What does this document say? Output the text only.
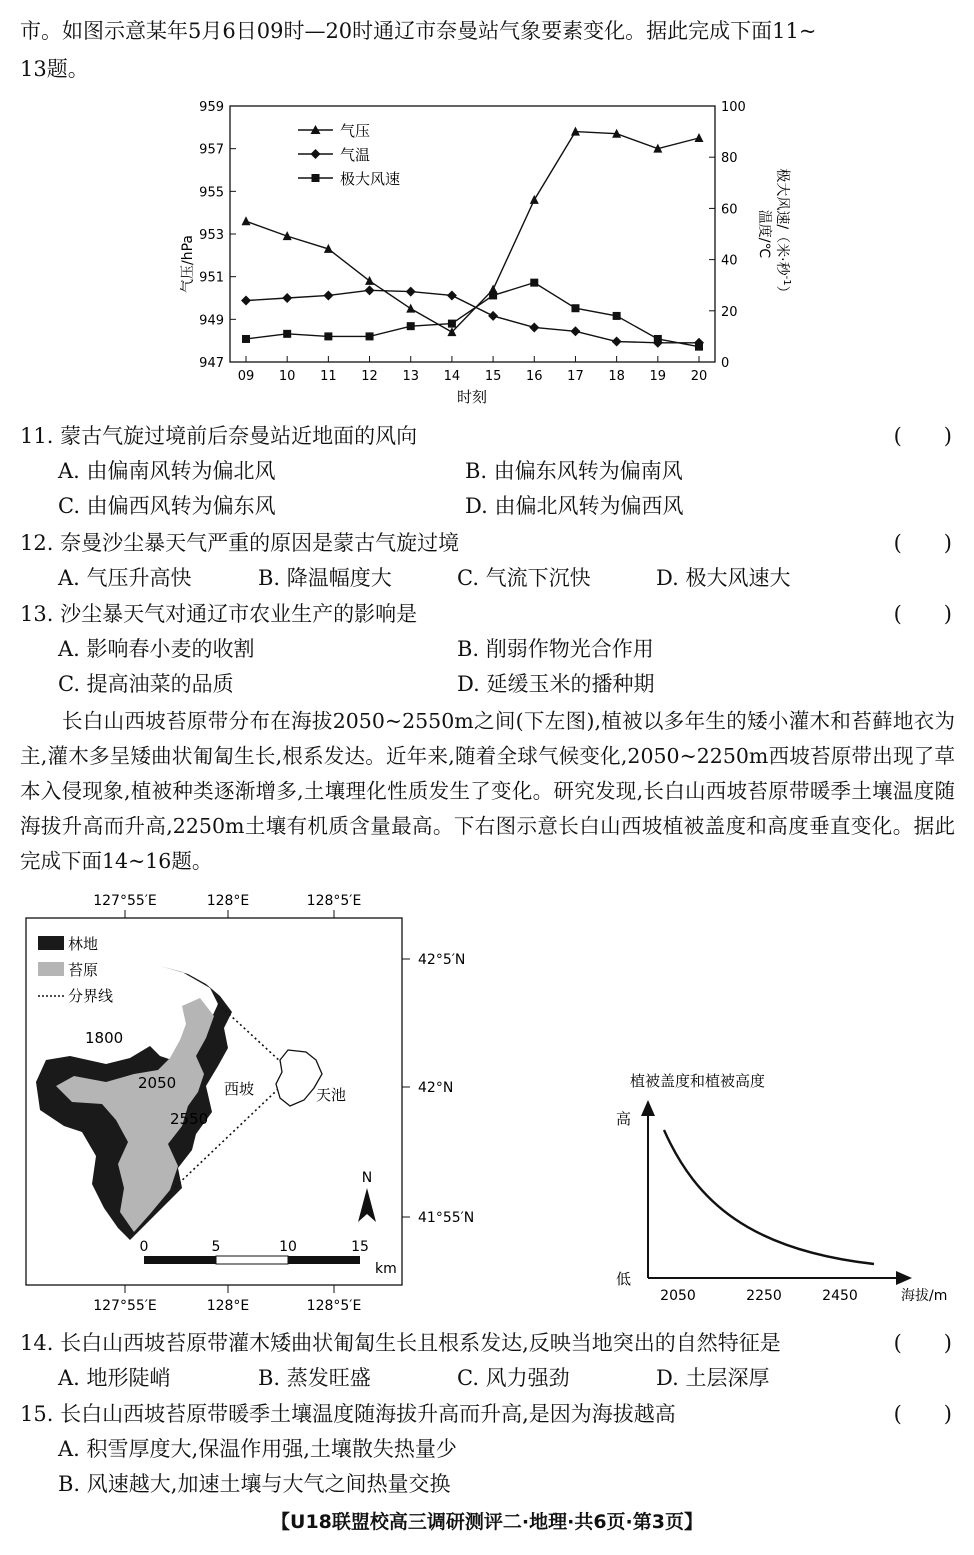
市。如图示意某年5月6日09时—20时通辽市奈曼站气象要素变化。据此完成下面11~
13题。
947
949
951
953
955
957
959
0
20
40
60
80
100
09 10 11 12 13 14 15 16 17 18 19 20
气压
气温
极大风速
气压/hPa
温度/℃ 极大风速/（米·秒$^{-1}$）
时刻
11. 蒙古气旋过境前后奈曼站近地面的风向	(　　)
A. 由偏南风转为偏北风	B. 由偏东风转为偏南风
C. 由偏西风转为偏东风	D. 由偏北风转为偏西风
12. 奈曼沙尘暴天气严重的原因是蒙古气旋过境	(　　)
A. 气压升高快	B. 降温幅度大	C. 气流下沉快	D. 极大风速大
13. 沙尘暴天气对通辽市农业生产的影响是	(　　)
A. 影响春小麦的收割	B. 削弱作物光合作用
C. 提高油菜的品质	D. 延缓玉米的播种期
长白山西坡苔原带分布在海拔2050~2550m之间(下左图),植被以多年生的矮小灌木和苔藓地衣为主,灌木多呈矮曲状匍匐生长,根系发达。近年来,随着全球气候变化,2050~2250m西坡苔原带出现了草本入侵现象,植被种类逐渐增多,土壤理化性质发生了变化。研究发现,长白山西坡苔原带暖季土壤温度随海拔升高而升高,2250m土壤有机质含量最高。下右图示意长白山西坡植被盖度和高度垂直变化。据此完成下面14~16题。
127°55′E	128°E	128°5′E
42°5′N
42°N
41°55′N
127°55′E	128°E	128°5′E
林地
苔原
分界线
1800
2050
2550
西坡	天池
N
0	5	10	15
km
植被盖度和植被高度
高
低
2050	2250	2450	海拔/m
14. 长白山西坡苔原带灌木矮曲状匍匐生长且根系发达,反映当地突出的自然特征是	(　　)
A. 地形陡峭	B. 蒸发旺盛	C. 风力强劲	D. 土层深厚
15. 长白山西坡苔原带暖季土壤温度随海拔升高而升高,是因为海拔越高	(　　)
A. 积雪厚度大,保温作用强,土壤散失热量少
B. 风速越大,加速土壤与大气之间热量交换
【U18联盟校高三调研测评二·地理·共6页·第3页】
